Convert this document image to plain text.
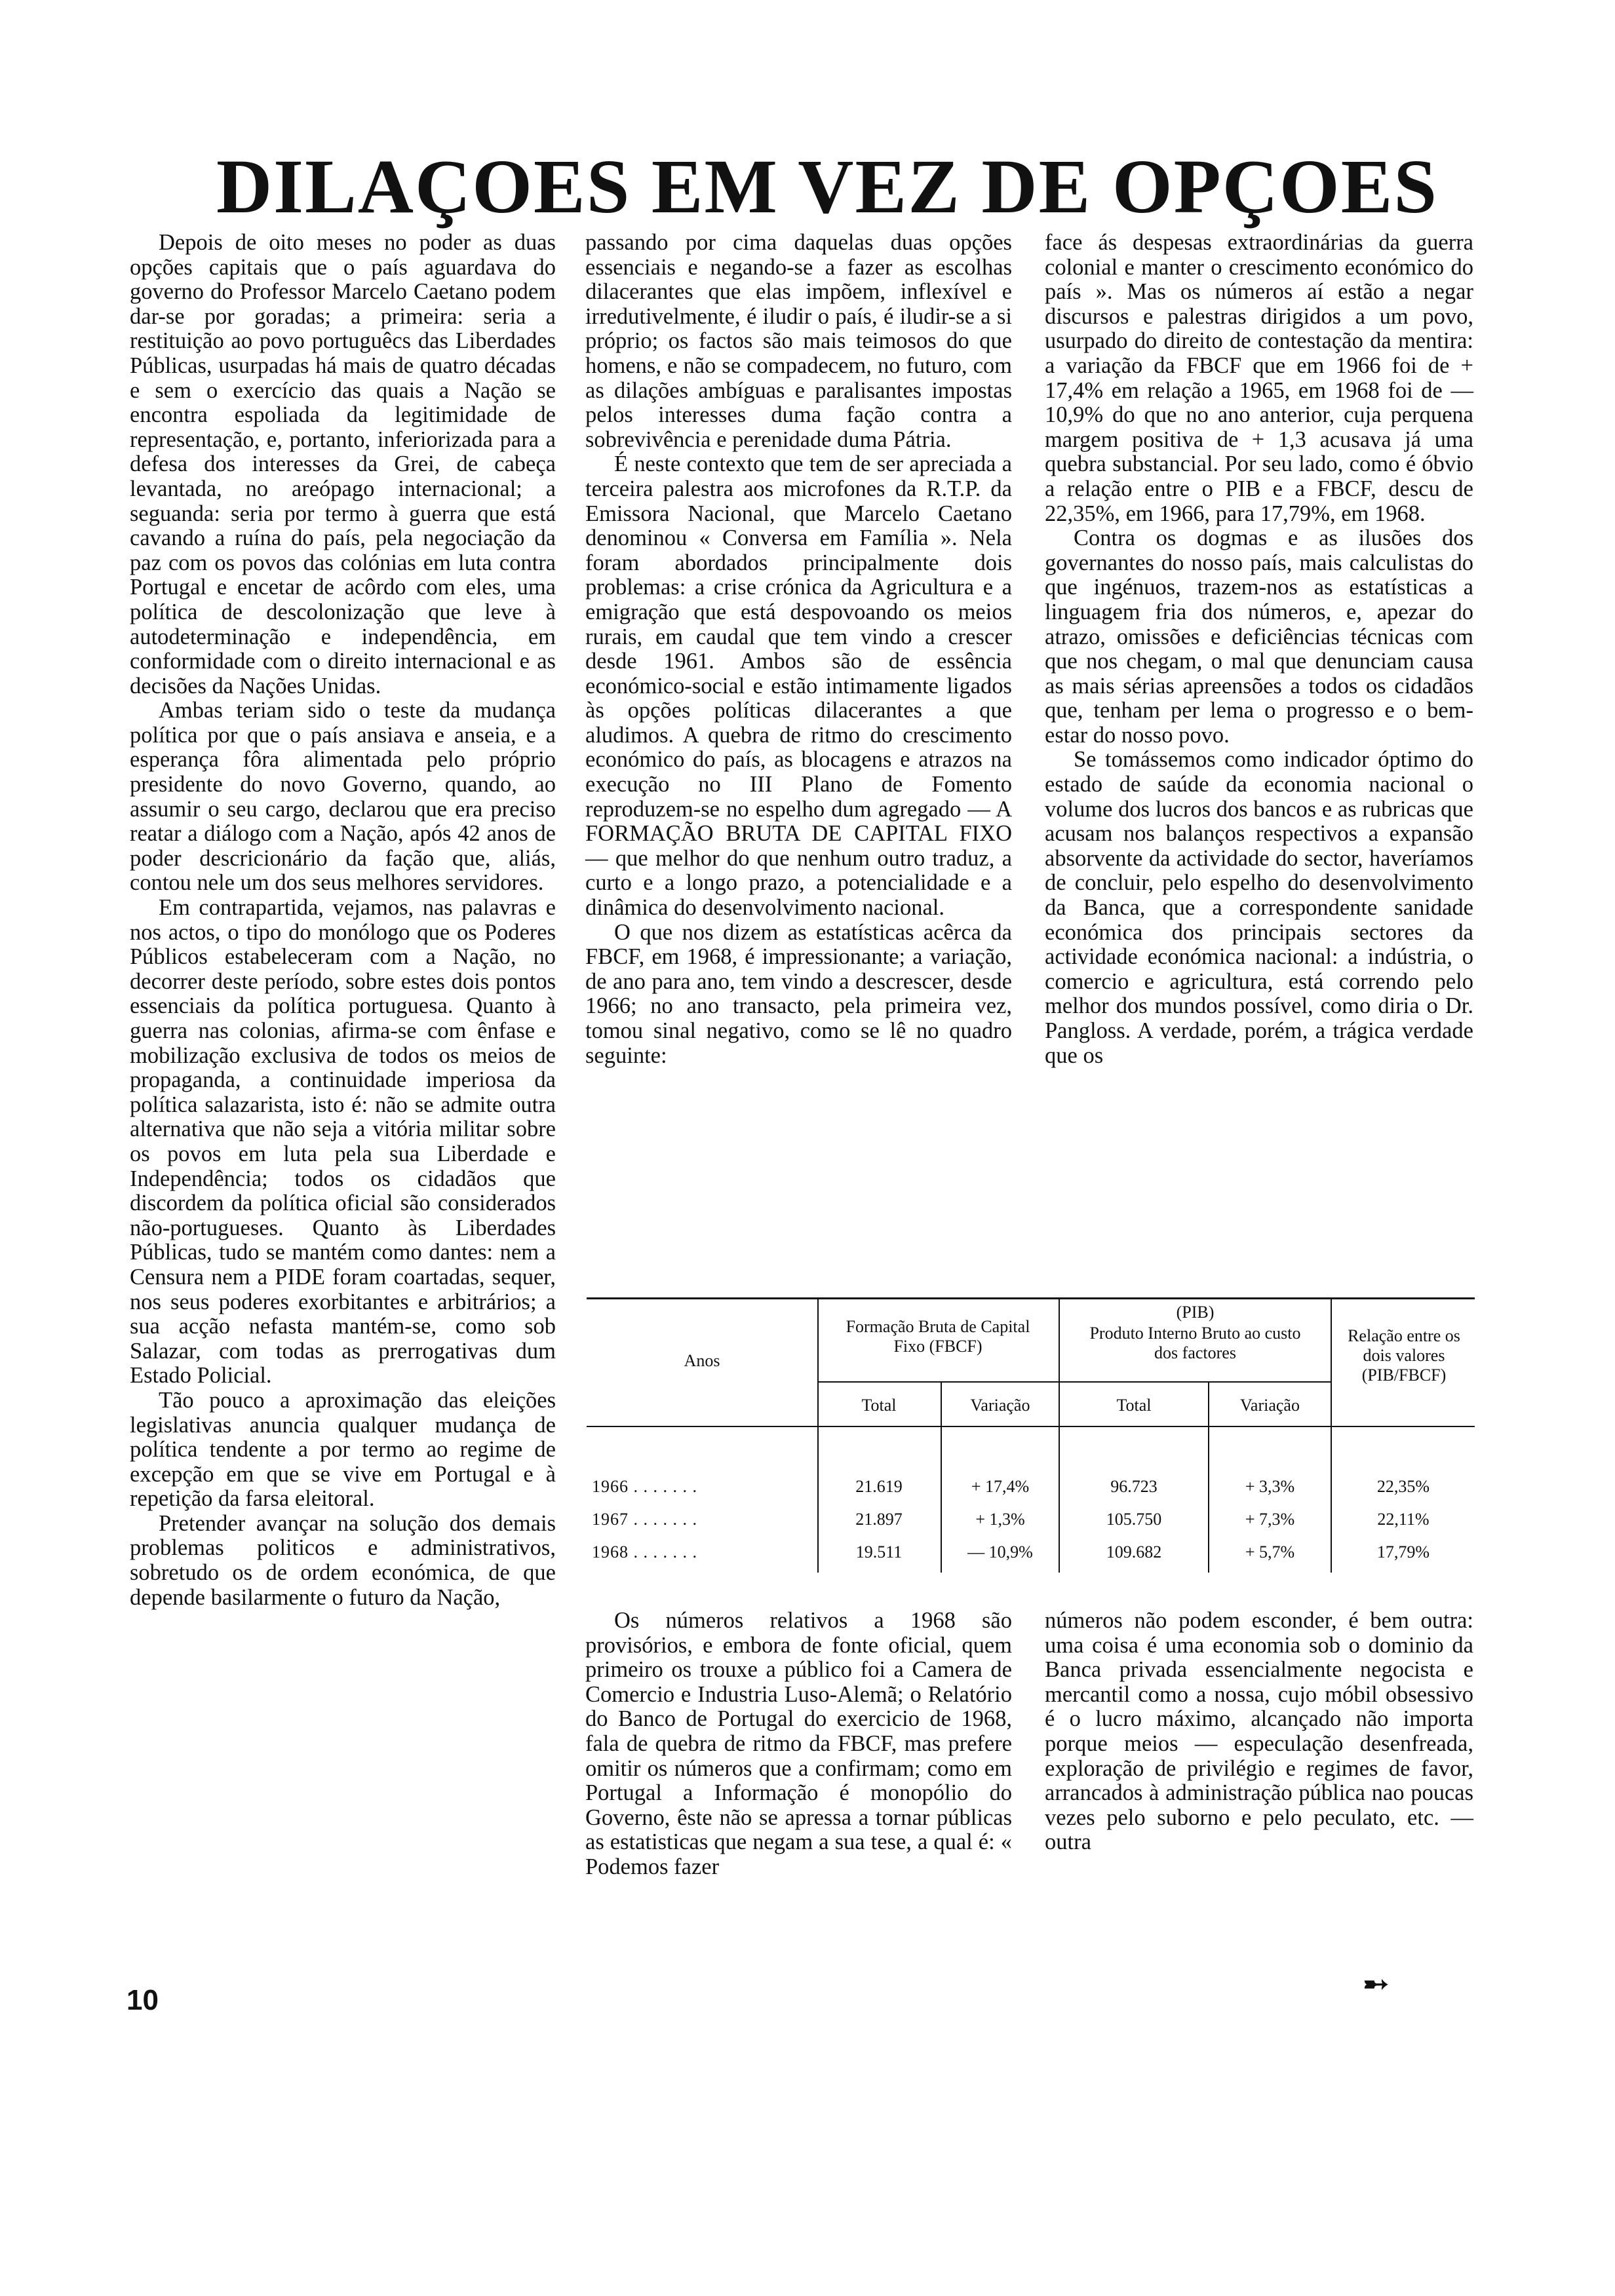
DILAÇOES EM VEZ DE OPÇOES

Depois de oito meses no poder as duas opções capitais que o país aguardava do governo do Professor Marcelo Caetano podem dar-se por goradas; a primeira: seria a restituição ao povo portuguêcs das Liberdades Públicas, usurpadas há mais de quatro décadas e sem o exercício das quais a Nação se encontra espoliada da legitimidade de representação, e, portanto, inferiorizada para a defesa dos interesses da Grei, de cabeça levantada, no areópago internacional; a seguanda: seria por termo à guerra que está cavando a ruína do país, pela negociação da paz com os povos das colónias em luta contra Portugal e encetar de acôrdo com eles, uma política de descolonização que leve à autodeterminação e independência, em conformidade com o direito internacional e as decisões da Nações Unidas.

Ambas teriam sido o teste da mudança política por que o país ansiava e anseia, e a esperança fôra alimentada pelo próprio presidente do novo Governo, quando, ao assumir o seu cargo, declarou que era preciso reatar a diálogo com a Nação, após 42 anos de poder descricionário da fação que, aliás, contou nele um dos seus melhores servidores.

Em contrapartida, vejamos, nas palavras e nos actos, o tipo do monólogo que os Poderes Públicos estabeleceram com a Nação, no decorrer deste período, sobre estes dois pontos essenciais da política portuguesa. Quanto à guerra nas colonias, afirma-se com ênfase e mobilização exclusiva de todos os meios de propaganda, a continuidade imperiosa da política salazarista, isto é: não se admite outra alternativa que não seja a vitória militar sobre os povos em luta pela sua Liberdade e Independência; todos os cidadãos que discordem da política oficial são considerados não-portugueses. Quanto às Liberdades Públicas, tudo se mantém como dantes: nem a Censura nem a PIDE foram coartadas, sequer, nos seus poderes exorbitantes e arbitrários; a sua acção nefasta mantém-se, como sob Salazar, com todas as prerrogativas dum Estado Policial.

Tão pouco a aproximação das eleições legislativas anuncia qualquer mudança de política tendente a por termo ao regime de excepção em que se vive em Portugal e à repetição da farsa eleitoral.

Pretender avançar na solução dos demais problemas politicos e administrativos, sobretudo os de ordem económica, de que depende basilarmente o futuro da Nação,

passando por cima daquelas duas opções essenciais e negando-se a fazer as escolhas dilacerantes que elas impõem, inflexível e irredutivelmente, é iludir o país, é iludir-se a si próprio; os factos são mais teimosos do que homens, e não se compadecem, no futuro, com as dilações ambíguas e paralisantes impostas pelos interesses duma fação contra a sobrevivência e perenidade duma Pátria.

É neste contexto que tem de ser apreciada a terceira palestra aos microfones da R.T.P. da Emissora Nacional, que Marcelo Caetano denominou « Conversa em Família ». Nela foram abordados principalmente dois problemas: a crise crónica da Agricultura e a emigração que está despovoando os meios rurais, em caudal que tem vindo a crescer desde 1961. Ambos são de essência económico-social e estão intimamente ligados às opções políticas dilacerantes a que aludimos. A quebra de ritmo do crescimento económico do país, as blocagens e atrazos na execução no III Plano de Fomento reproduzem-se no espelho dum agregado — A FORMAÇÃO BRUTA DE CAPITAL FIXO — que melhor do que nenhum outro traduz, a curto e a longo prazo, a potencialidade e a dinâmica do desenvolvimento nacional.

O que nos dizem as estatísticas acêrca da FBCF, em 1968, é impressionante; a variação, de ano para ano, tem vindo a descrescer, desde 1966; no ano transacto, pela primeira vez, tomou sinal negativo, como se lê no quadro seguinte:

face ás despesas extraordinárias da guerra colonial e manter o crescimento económico do país ». Mas os números aí estão a negar discursos e palestras dirigidos a um povo, usurpado do direito de contestação da mentira: a variação da FBCF que em 1966 foi de + 17,4% em relação a 1965, em 1968 foi de — 10,9% do que no ano anterior, cuja perquena margem positiva de + 1,3 acusava já uma quebra substancial. Por seu lado, como é óbvio a relação entre o PIB e a FBCF, descu de 22,35%, em 1966, para 17,79%, em 1968.

Contra os dogmas e as ilusões dos governantes do nosso país, mais calculistas do que ingénuos, trazem-nos as estatísticas a linguagem fria dos números, e, apezar do atrazo, omissões e deficiências técnicas com que nos chegam, o mal que denunciam causa as mais sérias apreensões a todos os cidadãos que, tenham per lema o progresso e o bem-estar do nosso povo.

Se tomássemos como indicador óptimo do estado de saúde da economia nacional o volume dos lucros dos bancos e as rubricas que acusam nos balanços respectivos a expansão absorvente da actividade do sector, haveríamos de concluir, pelo espelho do desenvolvimento da Banca, que a correspondente sanidade económica dos principais sectores da actividade económica nacional: a indústria, o comercio e agricultura, está correndo pelo melhor dos mundos possível, como diria o Dr. Pangloss. A verdade, porém, a trágica verdade que os

Anos
Formação Bruta de Capital Fixo (FBCF)
(PIB)
Produto Interno Bruto ao custo dos factores
Relação entre os dois valores (PIB/FBCF)
Total	Variação	Total	Variação
1966 . . . . . . .	21.619	+ 17,4%	96.723	+ 3,3%	22,35%
1967 . . . . . . .	21.897	+ 1,3%	105.750	+ 7,3%	22,11%
1968 . . . . . . .	19.511	— 10,9%	109.682	+ 5,7%	17,79%

Os números relativos a 1968 são provisórios, e embora de fonte oficial, quem primeiro os trouxe a público foi a Camera de Comercio e Industria Luso-Alemã; o Relatório do Banco de Portugal do exercicio de 1968, fala de quebra de ritmo da FBCF, mas prefere omitir os números que a confirmam; como em Portugal a Informação é monopólio do Governo, êste não se apressa a tornar públicas as estatisticas que negam a sua tese, a qual é: « Podemos fazer

números não podem esconder, é bem outra: uma coisa é uma economia sob o dominio da Banca privada essencialmente negocista e mercantil como a nossa, cujo móbil obsessivo é o lucro máximo, alcançado não importa porque meios — especulação desenfreada, exploração de privilégio e regimes de favor, arrancados à administração pública nao poucas vezes pelo suborno e pelo peculato, etc. — outra

➸
10
